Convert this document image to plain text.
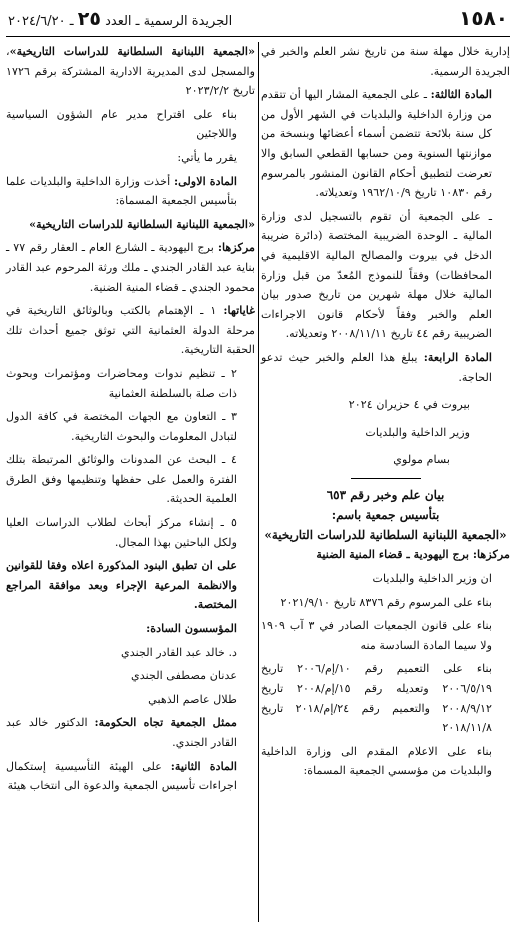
١٥٨٠
الجريدة الرسمية ـ العدد ٢٥ ـ ٢٠٢٤/٦/٢٠

إدارية خلال مهلة سنة من تاريخ نشر العلم والخبر في الجريدة الرسمية.

المادة الثالثة: ـ على الجمعية المشار اليها أن تتقدم من وزارة الداخلية والبلديات في الشهر الأول من كل سنة بلائحة تتضمن أسماء أعضائها وبنسخة من موازنتها السنوية ومن حسابها القطعي السابق والا تعرضت لتطبيق أحكام القانون المنشور بالمرسوم رقم ١٠٨٣٠ تاريخ ١٩٦٢/١٠/٩ وتعديلاته.

ـ على الجمعية أن تقوم بالتسجيل لدى وزارة المالية ـ الوحدة الضريبية المختصة (دائرة ضريبة الدخل في بيروت والمصالح المالية الاقليمية في المحافظات) وفقاً للنموذج المُعدّ من قبل وزارة المالية خلال مهلة شهرين من تاريخ صدور بيان العلم والخبر وفقاً لأحكام قانون الاجراءات الضريبية رقم ٤٤ تاريخ ٢٠٠٨/١١/١١ وتعديلاته.

المادة الرابعة: يبلغ هذا العلم والخبر حيث تدعو الحاجة.

بيروت في ٤ حزيران ٢٠٢٤

وزير الداخلية والبلديات

بسام مولوي

بيان علم وخبر رقم ٦٥٣
بتأسيس جمعية باسم:
«الجمعية اللبنانية السلطانية للدراسات التاريخية»

مركزها: برج اليهودية ـ قضاء المنية الضنية

ان وزير الداخلية والبلديات

بناء على المرسوم رقم ٨٣٧٦ تاريخ ٢٠٢١/٩/١٠

بناء على قانون الجمعيات الصادر في ٣ آب ١٩٠٩ ولا سيما المادة السادسة منه

بناء على التعميم رقم ١٠/إم/٢٠٠٦ تاريخ ٢٠٠٦/٥/١٩ وتعديله رقم ١٥/إم/٢٠٠٨ تاريخ ٢٠٠٨/٩/١٢ والتعميم رقم ٢٤/إم/٢٠١٨ تاريخ ٢٠١٨/١١/٨

بناء على الاعلام المقدم الى وزارة الداخلية والبلديات من مؤسسي الجمعية المسماة:

«الجمعية اللبنانية السلطانية للدراسات التاريخية»، والمسجل لدى المديرية الادارية المشتركة برقم ١٧٢٦ تاريخ ٢٠٢٣/٢/٢

بناء على اقتراح مدير عام الشؤون السياسية واللاجئين

يقرر ما يأتي:

المادة الاولى: أخذت وزارة الداخلية والبلديات علما بتأسيس الجمعية المسماة:

«الجمعية اللبنانية السلطانية للدراسات التاريخية»

مركزها: برج اليهودية ـ الشارع العام ـ العقار رقم ٧٧ ـ بناية عبد القادر الجندي ـ ملك ورثة المرحوم عبد القادر محمود الجندي ـ قضاء المنية الضنية.

غاياتها: ١ ـ الإهتمام بالكتب وبالوثائق التاريخية في مرحلة الدولة العثمانية التي توثق جميع أحداث تلك الحقبة التاريخية.

٢ ـ تنظيم ندوات ومحاضرات ومؤتمرات وبحوث ذات صلة بالسلطنة العثمانية

٣ ـ التعاون مع الجهات المختصة في كافة الدول لتبادل المعلومات والبحوث التاريخية.

٤ ـ البحث عن المدونات والوثائق المرتبطة بتلك الفترة والعمل على حفظها وتنظيمها وفق الطرق العلمية الحديثة.

٥ ـ إنشاء مركز أبحاث لطلاب الدراسات العليا ولكل الباحثين بهذا المجال.

على ان تطبق البنود المذكورة اعلاه وفقا للقوانين والانظمة المرعية الإجراء وبعد موافقة المراجع المختصة.

المؤسسون السادة:

د. خالد عبد القادر الجندي

عدنان مصطفى الجندي

طلال عاصم الذهبي

ممثل الجمعية تجاه الحكومة: الدكتور خالد عبد القادر الجندي.

المادة الثانية: على الهيئة التأسيسية إستكمال اجراءات تأسيس الجمعية والدعوة الى انتخاب هيئة
